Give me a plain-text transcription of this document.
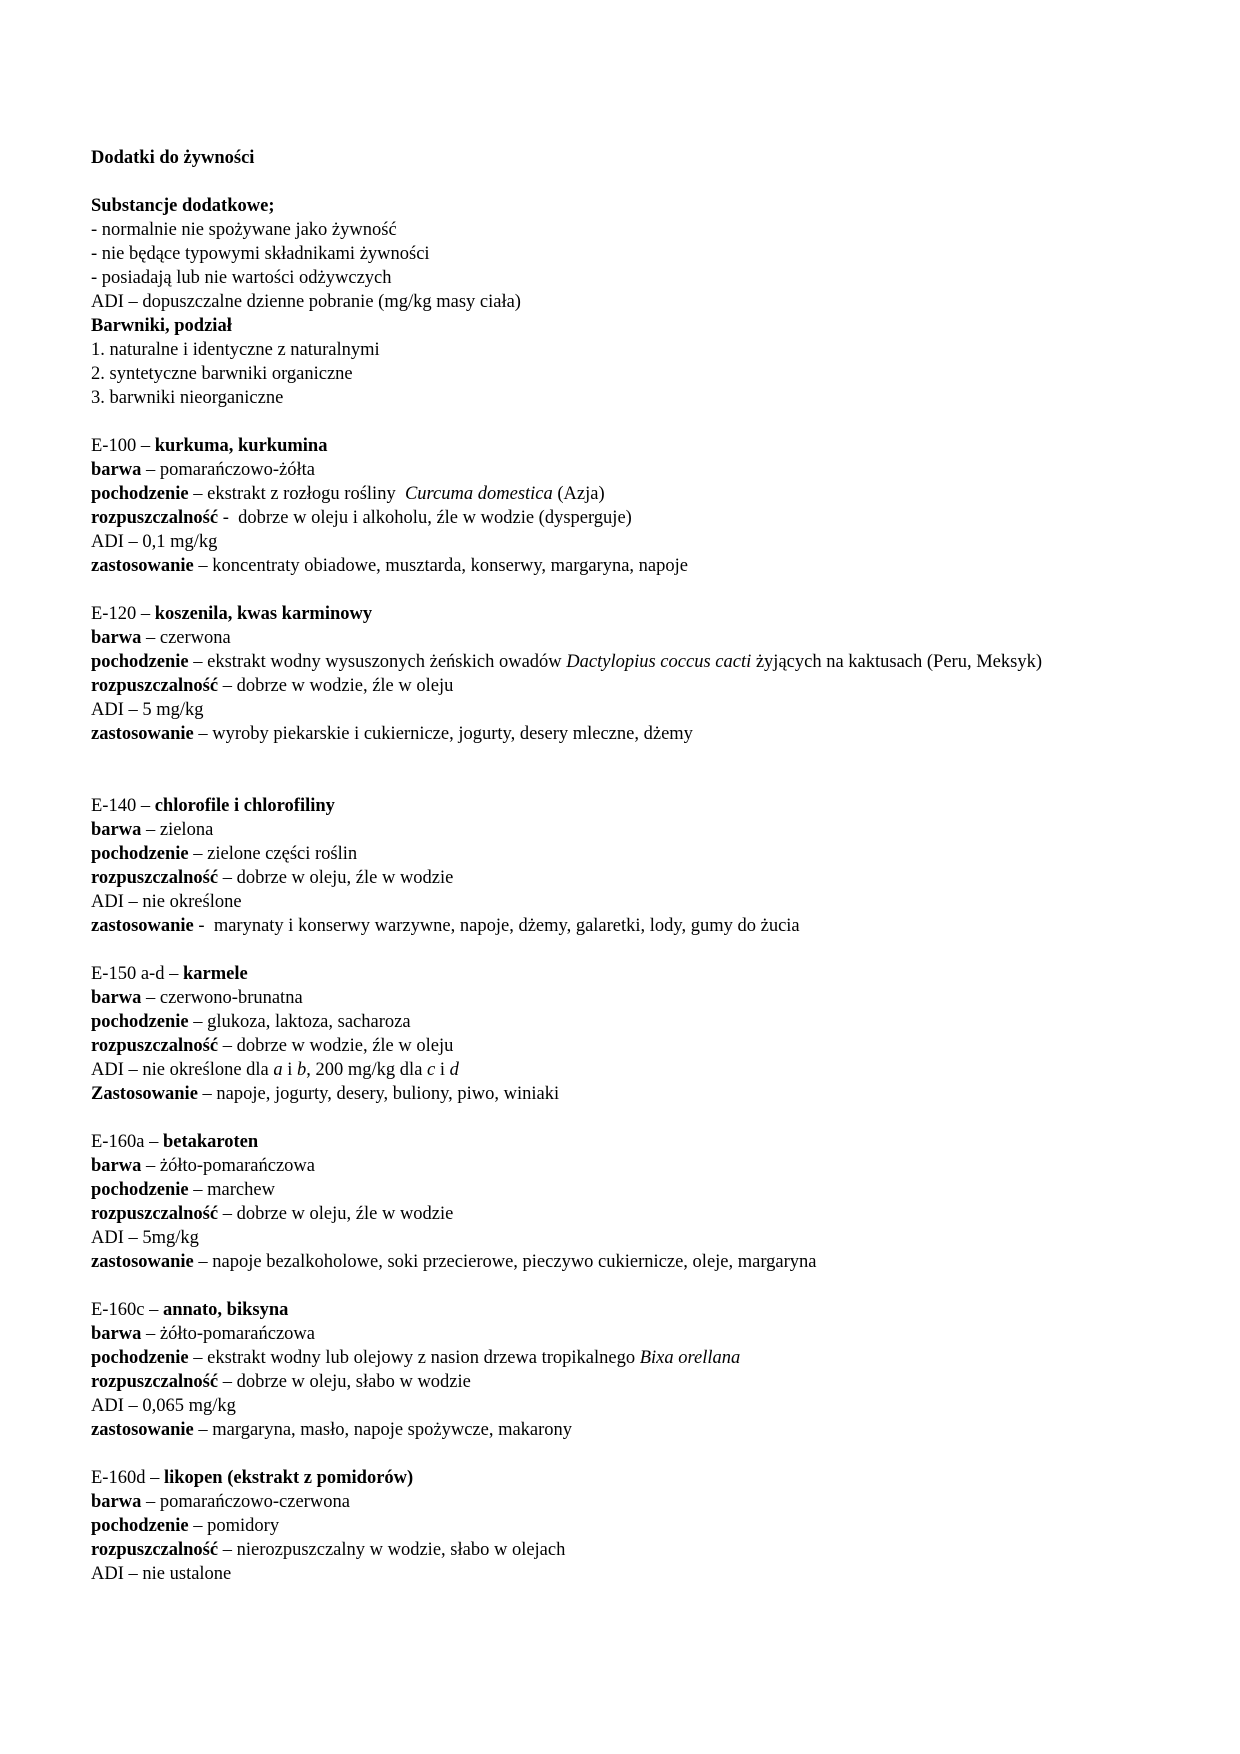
Dodatki do żywności
Substancje dodatkowe;
- normalnie nie spożywane jako żywność
- nie będące typowymi składnikami żywności
- posiadają lub nie wartości odżywczych
ADI – dopuszczalne dzienne pobranie (mg/kg masy ciała)
Barwniki, podział
1. naturalne i identyczne z naturalnymi
2. syntetyczne barwniki organiczne
3. barwniki nieorganiczne
E-100 – kurkuma, kurkumina
barwa – pomarańczowo-żółta
pochodzenie – ekstrakt z rozłogu rośliny  Curcuma domestica (Azja)
rozpuszczalność -  dobrze w oleju i alkoholu, źle w wodzie (dysperguje)
ADI – 0,1 mg/kg
zastosowanie – koncentraty obiadowe, musztarda, konserwy, margaryna, napoje
E-120 – koszenila, kwas karminowy
barwa – czerwona
pochodzenie – ekstrakt wodny wysuszonych żeńskich owadów Dactylopius coccus cacti żyjących na kaktusach (Peru, Meksyk)
rozpuszczalność – dobrze w wodzie, źle w oleju
ADI – 5 mg/kg
zastosowanie – wyroby piekarskie i cukiernicze, jogurty, desery mleczne, dżemy
E-140 – chlorofile i chlorofiliny
barwa – zielona
pochodzenie – zielone części roślin
rozpuszczalność – dobrze w oleju, źle w wodzie
ADI – nie określone
zastosowanie -  marynaty i konserwy warzywne, napoje, dżemy, galaretki, lody, gumy do żucia
E-150 a-d – karmele
barwa – czerwono-brunatna
pochodzenie – glukoza, laktoza, sacharoza
rozpuszczalność – dobrze w wodzie, źle w oleju
ADI – nie określone dla a i b, 200 mg/kg dla c i d
Zastosowanie – napoje, jogurty, desery, buliony, piwo, winiaki
E-160a – betakaroten
barwa – żółto-pomarańczowa
pochodzenie – marchew
rozpuszczalność – dobrze w oleju, źle w wodzie
ADI – 5mg/kg
zastosowanie – napoje bezalkoholowe, soki przecierowe, pieczywo cukiernicze, oleje, margaryna
E-160c – annato, biksyna
barwa – żółto-pomarańczowa
pochodzenie – ekstrakt wodny lub olejowy z nasion drzewa tropikalnego Bixa orellana
rozpuszczalność – dobrze w oleju, słabo w wodzie
ADI – 0,065 mg/kg
zastosowanie – margaryna, masło, napoje spożywcze, makarony
E-160d – likopen (ekstrakt z pomidorów)
barwa – pomarańczowo-czerwona
pochodzenie – pomidory
rozpuszczalność – nierozpuszczalny w wodzie, słabo w olejach
ADI – nie ustalone
